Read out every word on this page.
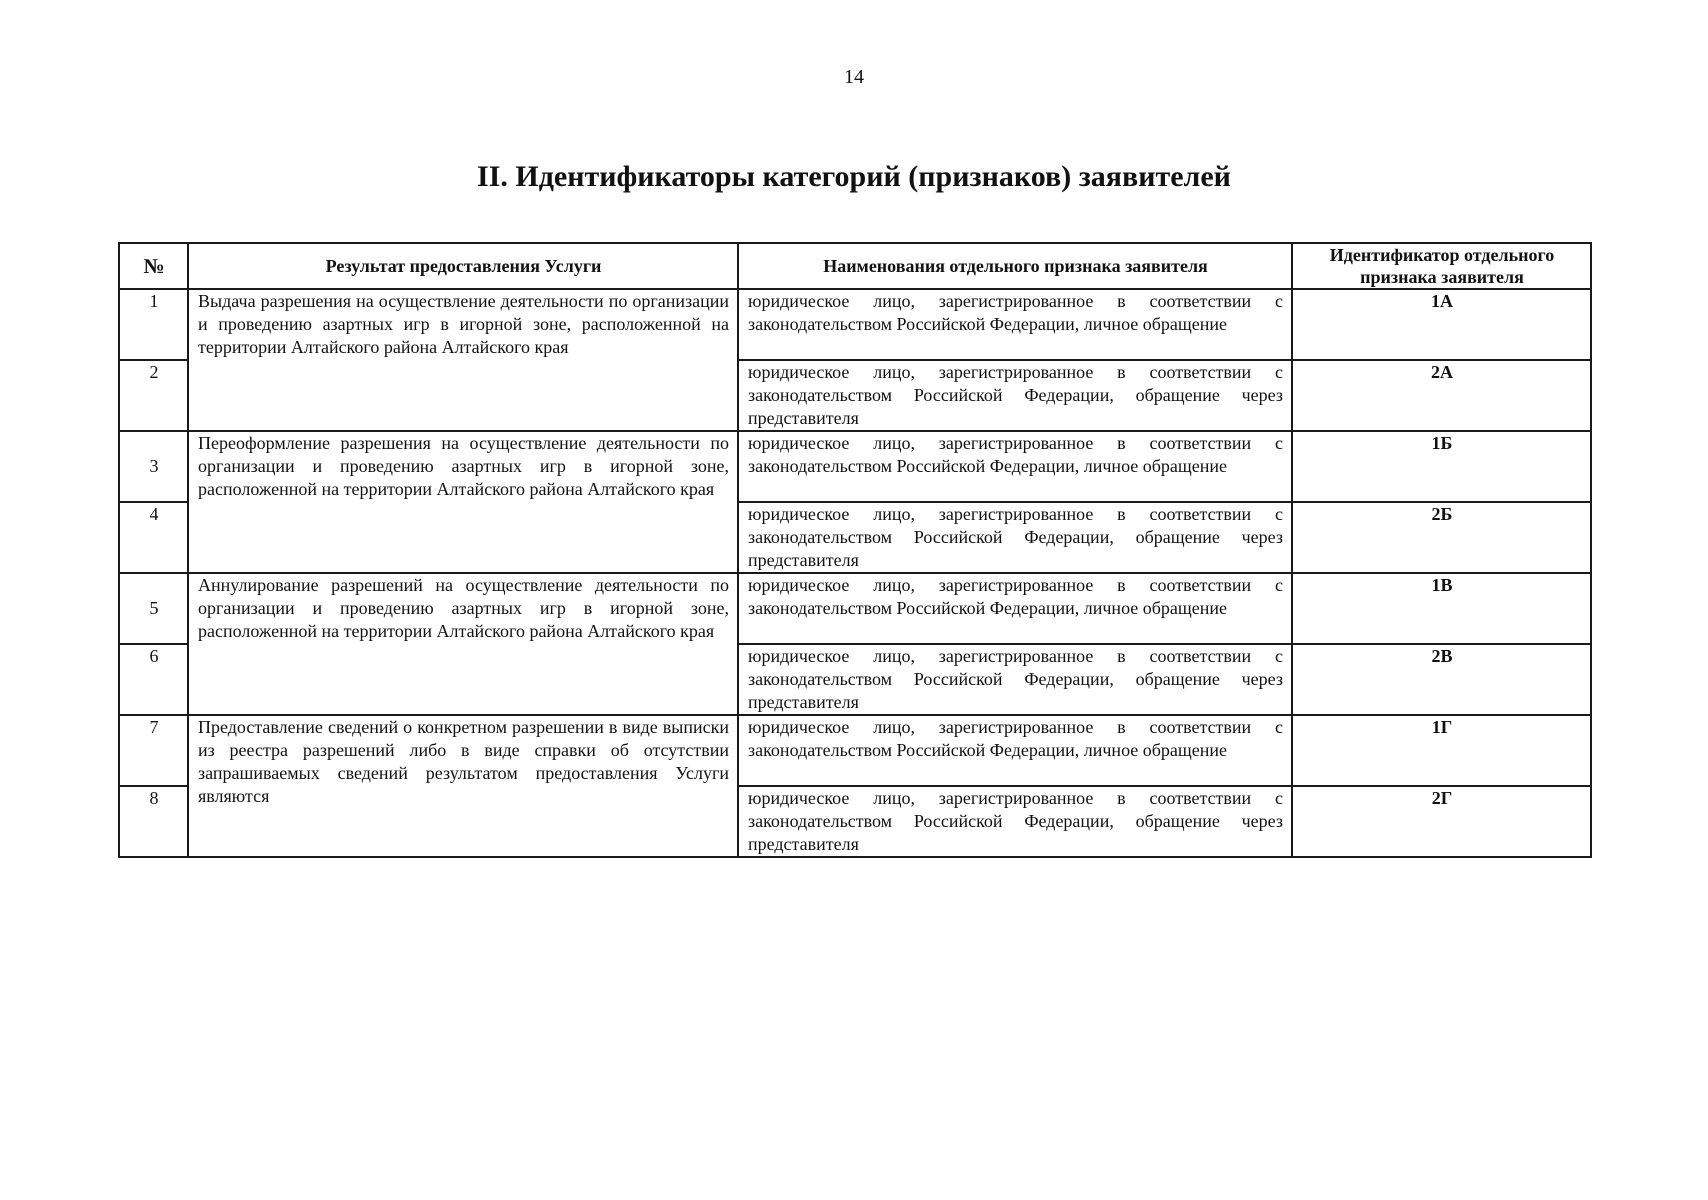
14
II. Идентификаторы категорий (признаков) заявителей
№	Результат предоставления Услуги	Наименования отдельного признака заявителя	Идентификатор отдельного признака заявителя
1	Выдача разрешения на осуществление деятельности по организации и проведению азартных игр в игорной зоне, расположенной на территории Алтайского района Алтайского края	юридическое лицо, зарегистрированное в соответствии с законодательством Российской Федерации, личное обращение	1А
2		юридическое лицо, зарегистрированное в соответствии с законодательством Российской Федерации, обращение через представителя	2А
3	Переоформление разрешения на осуществление деятельности по организации и проведению азартных игр в игорной зоне, расположенной на территории Алтайского района Алтайского края	юридическое лицо, зарегистрированное в соответствии с законодательством Российской Федерации, личное обращение	1Б
4		юридическое лицо, зарегистрированное в соответствии с законодательством Российской Федерации, обращение через представителя	2Б
5	Аннулирование разрешений на осуществление деятельности по организации и проведению азартных игр в игорной зоне, расположенной на территории Алтайского района Алтайского края	юридическое лицо, зарегистрированное в соответствии с законодательством Российской Федерации, личное обращение	1В
6		юридическое лицо, зарегистрированное в соответствии с законодательством Российской Федерации, обращение через представителя	2В
7	Предоставление сведений о конкретном разрешении в виде выписки из реестра разрешений либо в виде справки об отсутствии запрашиваемых сведений результатом предоставления Услуги являются	юридическое лицо, зарегистрированное в соответствии с законодательством Российской Федерации, личное обращение	1Г
8		юридическое лицо, зарегистрированное в соответствии с законодательством Российской Федерации, обращение через представителя	2Г
